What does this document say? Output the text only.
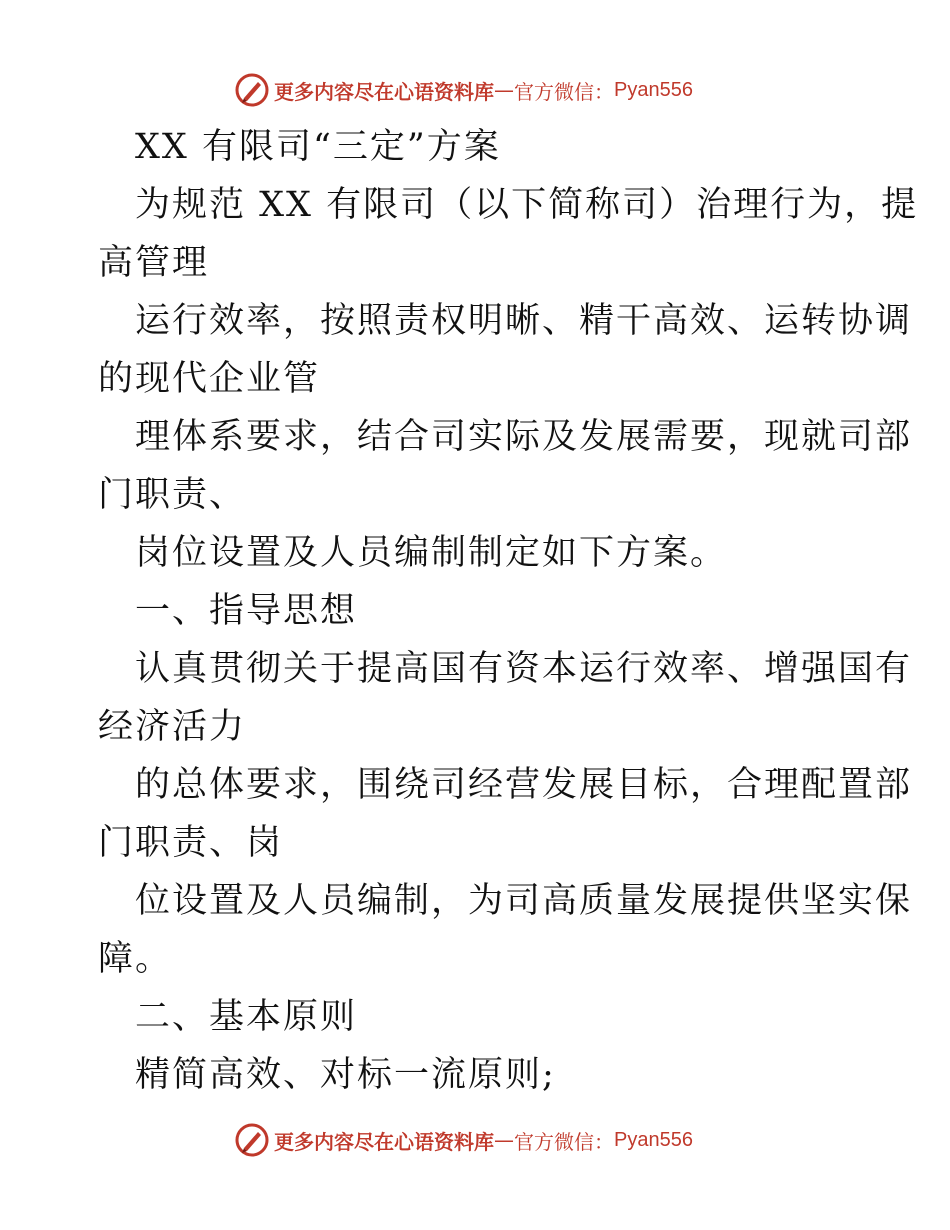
更多内容尽在心语资料库 — 官方微信： Pyan556
XX 有限司“三定”方案
为规范 XX 有限司（以下简称司）治理行为，提
高管理
运行效率，按照责权明晰、精干高效、运转协调
的现代企业管
理体系要求，结合司实际及发展需要，现就司部
门职责、
岗位设置及人员编制制定如下方案。
一、指导思想
认真贯彻关于提高国有资本运行效率、增强国有
经济活力
的总体要求，围绕司经营发展目标，合理配置部
门职责、岗
位设置及人员编制，为司高质量发展提供坚实保
障。
二、基本原则
精简高效、对标一流原则;
更多内容尽在心语资料库 — 官方微信： Pyan556
